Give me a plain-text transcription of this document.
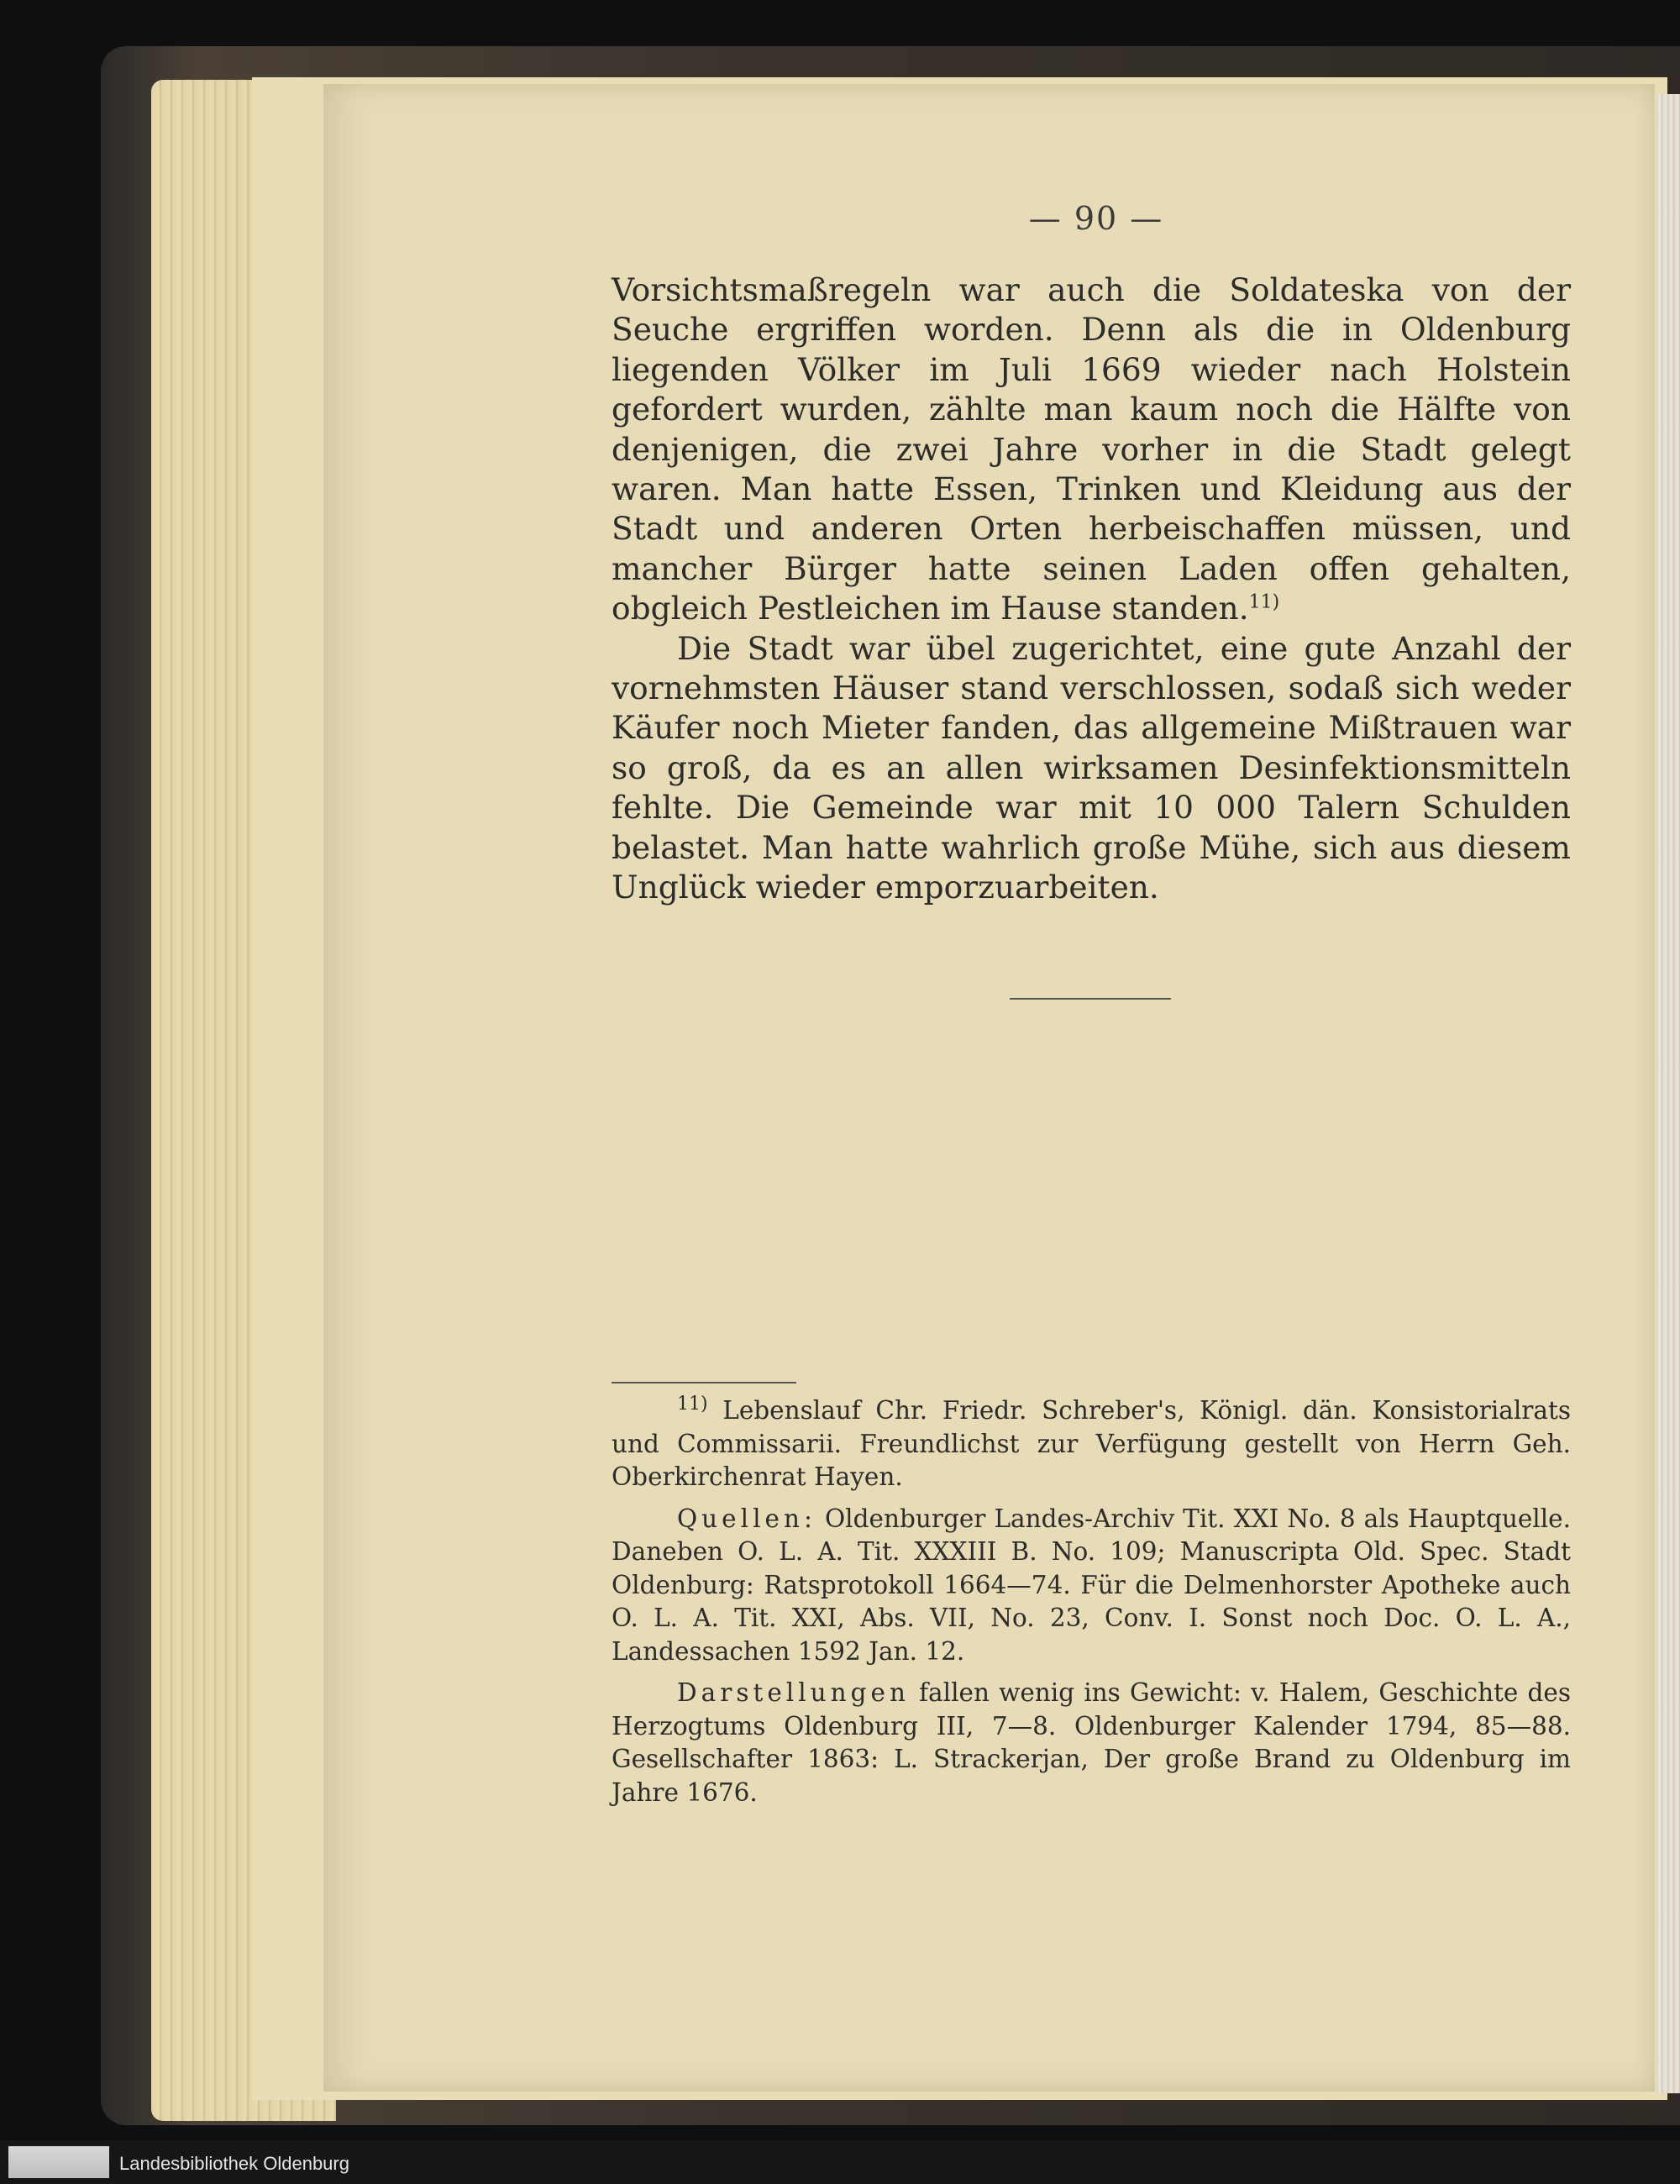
— 90 —

Vorsichtsmaßregeln war auch die Soldateska von der Seuche ergriffen worden. Denn als die in Oldenburg liegenden Völker im Juli 1669 wieder nach Holstein gefordert wurden, zählte man kaum noch die Hälfte von denjenigen, die zwei Jahre vorher in die Stadt gelegt waren. Man hatte Essen, Trinken und Kleidung aus der Stadt und anderen Orten herbeischaffen müssen, und mancher Bürger hatte seinen Laden offen gehalten, obgleich Pestleichen im Hause standen.$^{11)}$

Die Stadt war übel zugerichtet, eine gute Anzahl der vornehmsten Häuser stand verschlossen, sodaß sich weder Käufer noch Mieter fanden, das allgemeine Mißtrauen war so groß, da es an allen wirksamen Desinfektionsmitteln fehlte. Die Gemeinde war mit 10 000 Talern Schulden belastet. Man hatte wahrlich große Mühe, sich aus diesem Unglück wieder emporzuarbeiten.

$^{11)}$ Lebenslauf Chr. Friedr. Schreber's, Königl. dän. Konsistorialrats und Commissarii. Freundlichst zur Verfügung gestellt von Herrn Geh. Oberkirchenrat Hayen.

Quellen: Oldenburger Landes-Archiv Tit. XXI No. 8 als Hauptquelle. Daneben O. L. A. Tit. XXXIII B. No. 109; Manuscripta Old. Spec. Stadt Oldenburg: Ratsprotokoll 1664—74. Für die Delmenhorster Apotheke auch O. L. A. Tit. XXI, Abs. VII, No. 23, Conv. I. Sonst noch Doc. O. L. A., Landessachen 1592 Jan. 12.

Darstellungen fallen wenig ins Gewicht: v. Halem, Geschichte des Herzogtums Oldenburg III, 7—8. Oldenburger Kalender 1794, 85—88. Gesellschafter 1863: L. Strackerjan, Der große Brand zu Oldenburg im Jahre 1676.

Landesbibliothek Oldenburg
